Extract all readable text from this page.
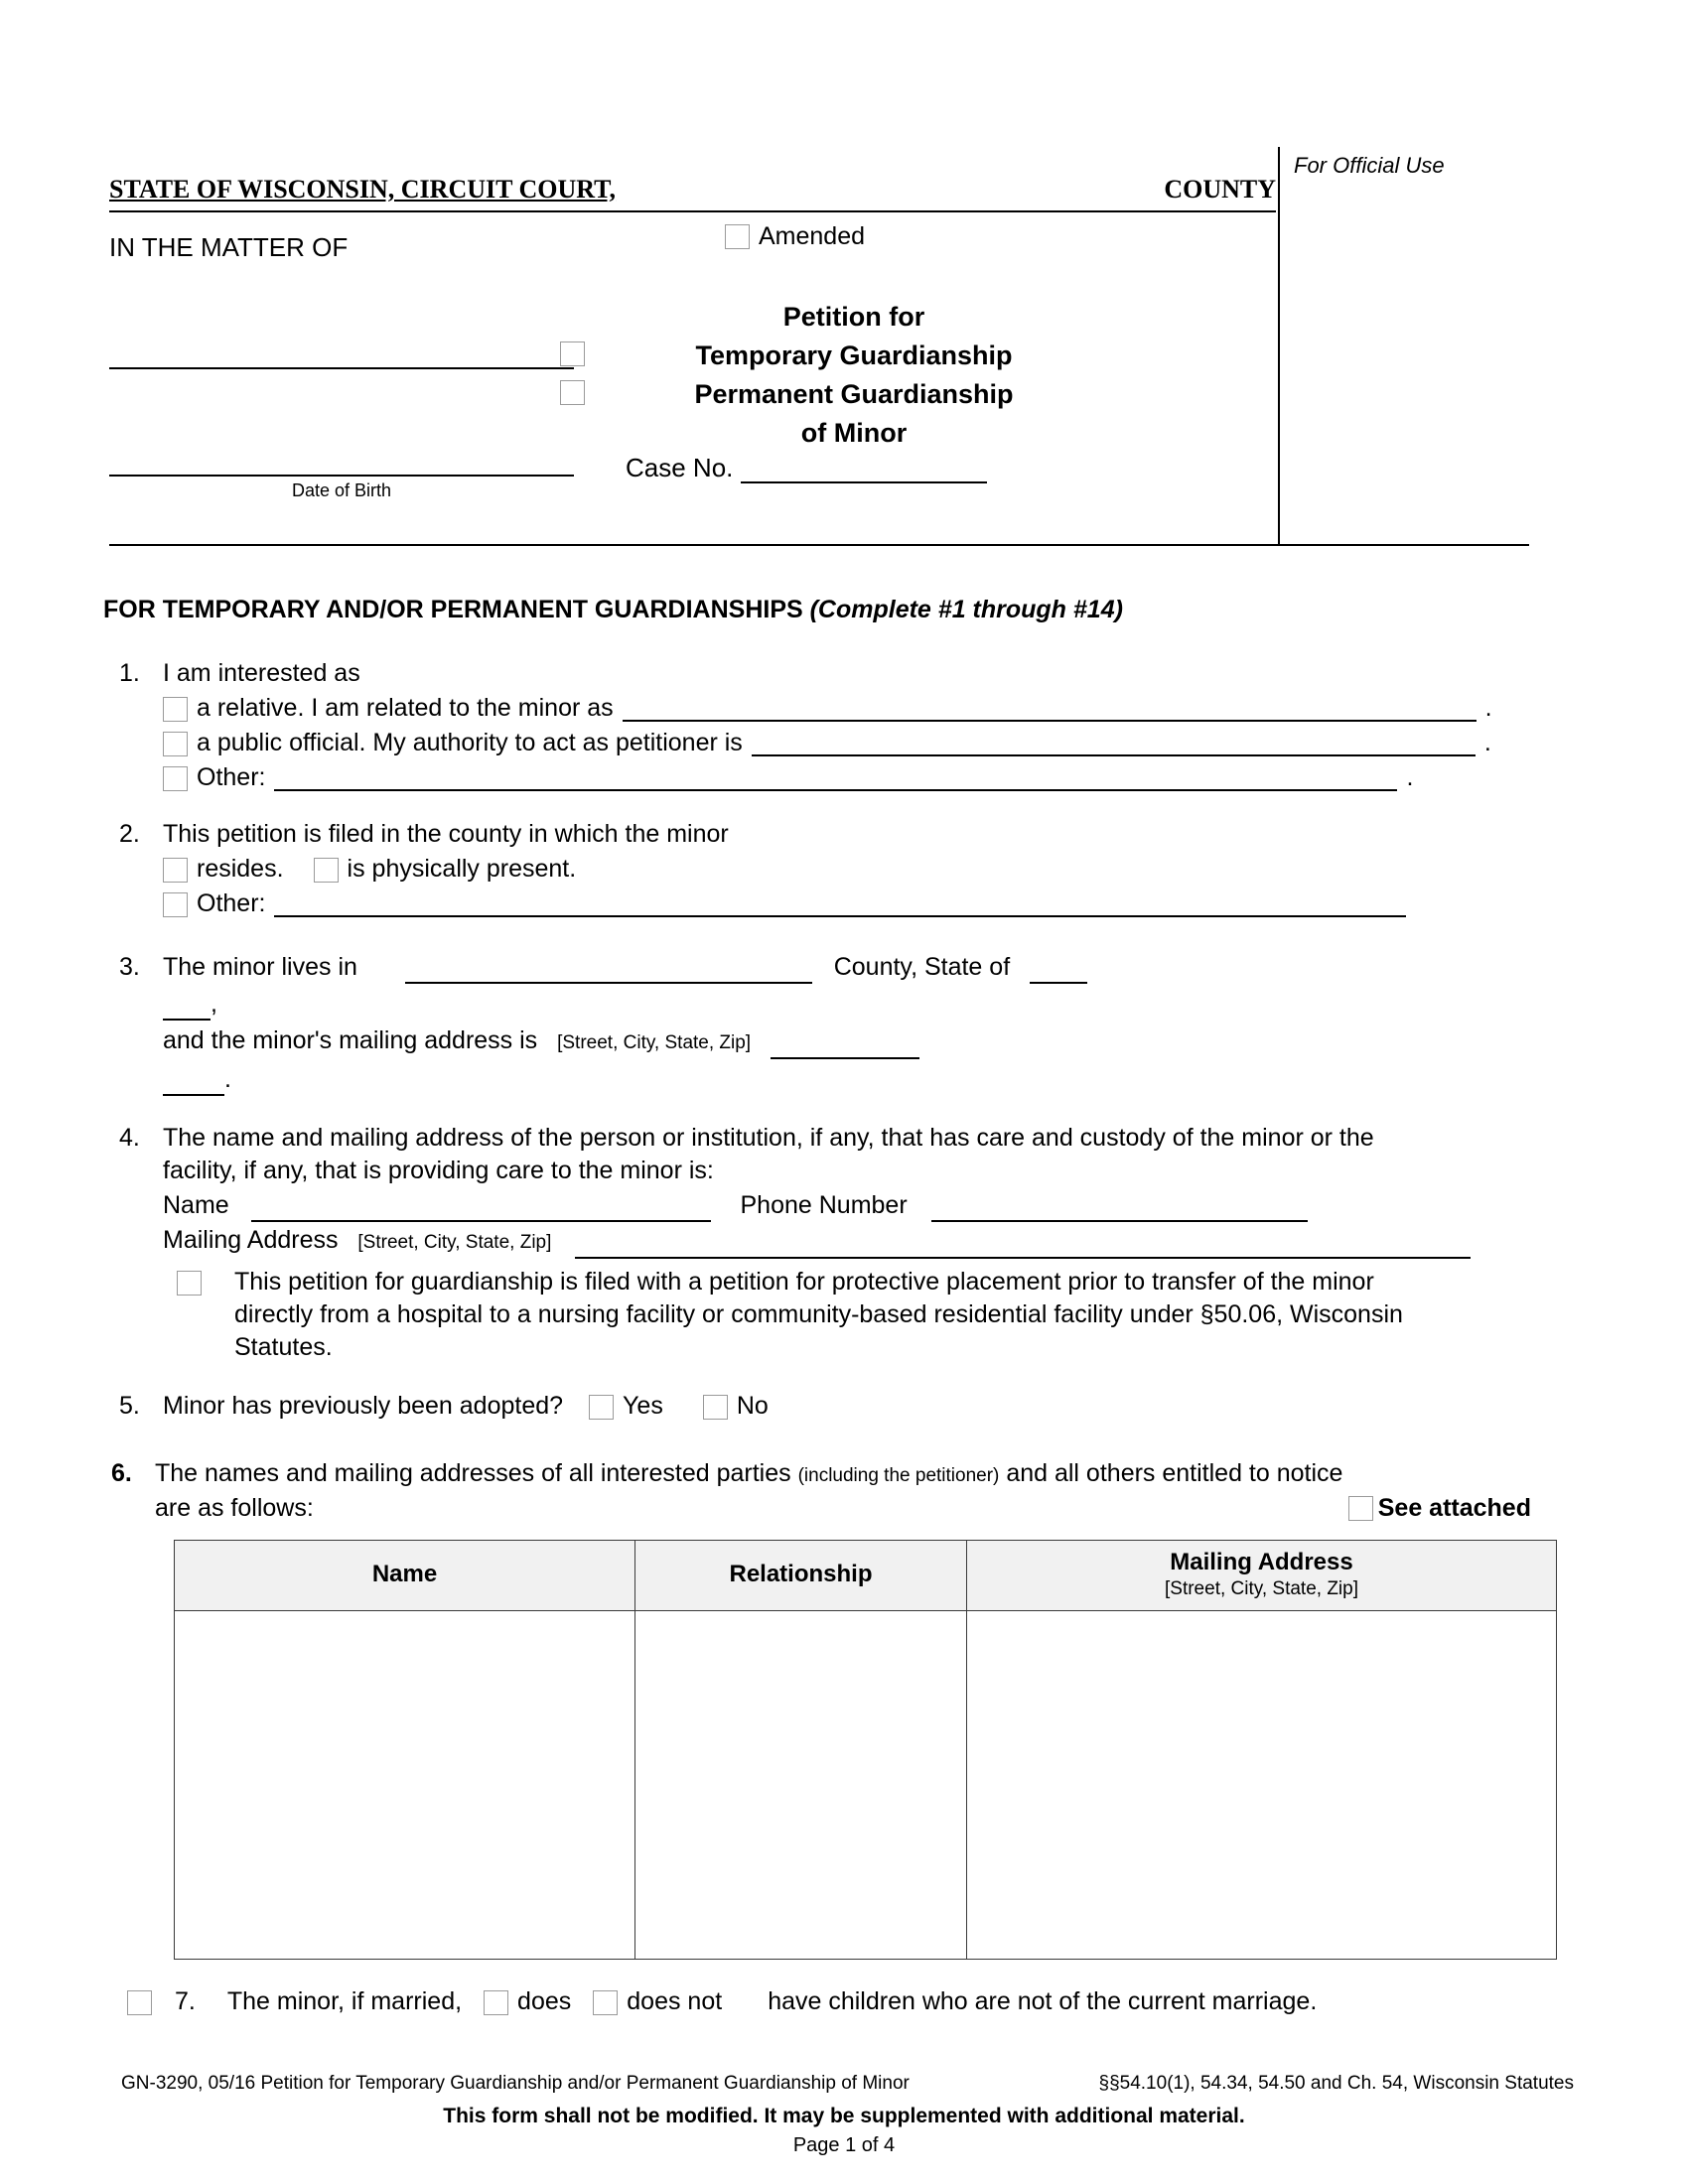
STATE OF WISCONSIN, CIRCUIT COURT,	COUNTY
IN THE MATTER OF	Amended
Date of Birth
Petition for
Temporary Guardianship
Permanent Guardianship
of Minor
Case No.
For Official Use
FOR TEMPORARY AND/OR PERMANENT GUARDIANSHIPS (Complete #1 through #14)
1. I am interested as
a relative. I am related to the minor as	.
a public official. My authority to act as petitioner is	.
Other:	.
2. This petition is filed in the county in which the minor
resides.	is physically present.
Other:
3. The minor lives in	County, State of
,
and the minor's mailing address is [Street, City, State, Zip]
.
4. The name and mailing address of the person or institution, if any, that has care and custody of the minor or the
facility, if any, that is providing care to the minor is:
Name	Phone Number
Mailing Address [Street, City, State, Zip]
This petition for guardianship is filed with a petition for protective placement prior to transfer of the minor
directly from a hospital to a nursing facility or community-based residential facility under §50.06, Wisconsin
Statutes.
5. Minor has previously been adopted? Yes	No
6. The names and mailing addresses of all interested parties (including the petitioner) and all others entitled to notice
are as follows:	See attached
Name	Relationship	Mailing Address
[Street, City, State, Zip]

7. The minor, if married, does does not have children who are not of the current marriage.
GN-3290, 05/16 Petition for Temporary Guardianship and/or Permanent Guardianship of Minor	§§54.10(1), 54.34, 54.50 and Ch. 54, Wisconsin Statutes
This form shall not be modified. It may be supplemented with additional material.
Page 1 of 4
